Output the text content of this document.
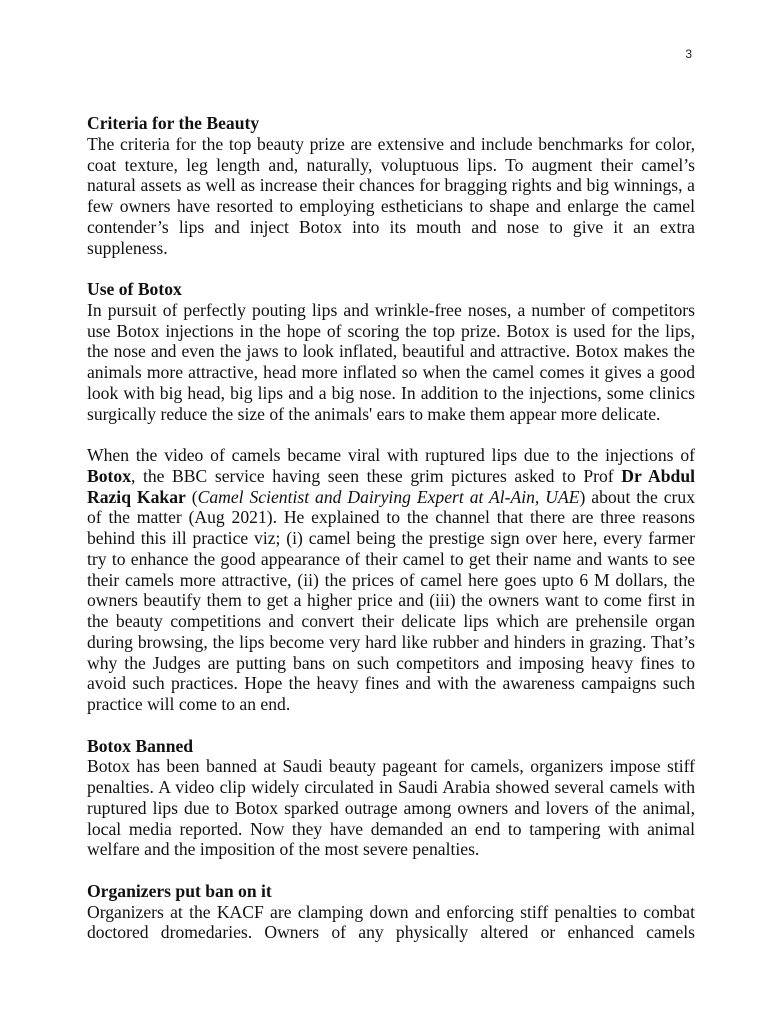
3

Criteria for the Beauty

The criteria for the top beauty prize are extensive and include benchmarks for color, coat texture, leg length and, naturally, voluptuous lips. To augment their camel’s natural assets as well as increase their chances for bragging rights and big winnings, a few owners have resorted to employing estheticians to shape and enlarge the camel contender’s lips and inject Botox into its mouth and nose to give it an extra suppleness.

Use of Botox

In pursuit of perfectly pouting lips and wrinkle-free noses, a number of competitors use Botox injections in the hope of scoring the top prize. Botox is used for the lips, the nose and even the jaws to look inflated, beautiful and attractive. Botox makes the animals more attractive, head more inflated so when the camel comes it gives a good look with big head, big lips and a big nose. In addition to the injections, some clinics surgically reduce the size of the animals' ears to make them appear more delicate.

When the video of camels became viral with ruptured lips due to the injections of Botox, the BBC service having seen these grim pictures asked to Prof Dr Abdul Raziq Kakar (Camel Scientist and Dairying Expert at Al-Ain, UAE) about the crux of the matter (Aug 2021). He explained to the channel that there are three reasons behind this ill practice viz; (i) camel being the prestige sign over here, every farmer try to enhance the good appearance of their camel to get their name and wants to see their camels more attractive, (ii) the prices of camel here goes upto 6 M dollars, the owners beautify them to get a higher price and (iii) the owners want to come first in the beauty competitions and convert their delicate lips which are prehensile organ during browsing, the lips become very hard like rubber and hinders in grazing. That’s why the Judges are putting bans on such competitors and imposing heavy fines to avoid such practices. Hope the heavy fines and with the awareness campaigns such practice will come to an end.

Botox Banned

Botox has been banned at Saudi beauty pageant for camels, organizers impose stiff penalties. A video clip widely circulated in Saudi Arabia showed several camels with ruptured lips due to Botox sparked outrage among owners and lovers of the animal, local media reported. Now they have demanded an end to tampering with animal welfare and the imposition of the most severe penalties.

Organizers put ban on it

Organizers at the KACF are clamping down and enforcing stiff penalties to combat doctored dromedaries. Owners of any physically altered or enhanced camels
